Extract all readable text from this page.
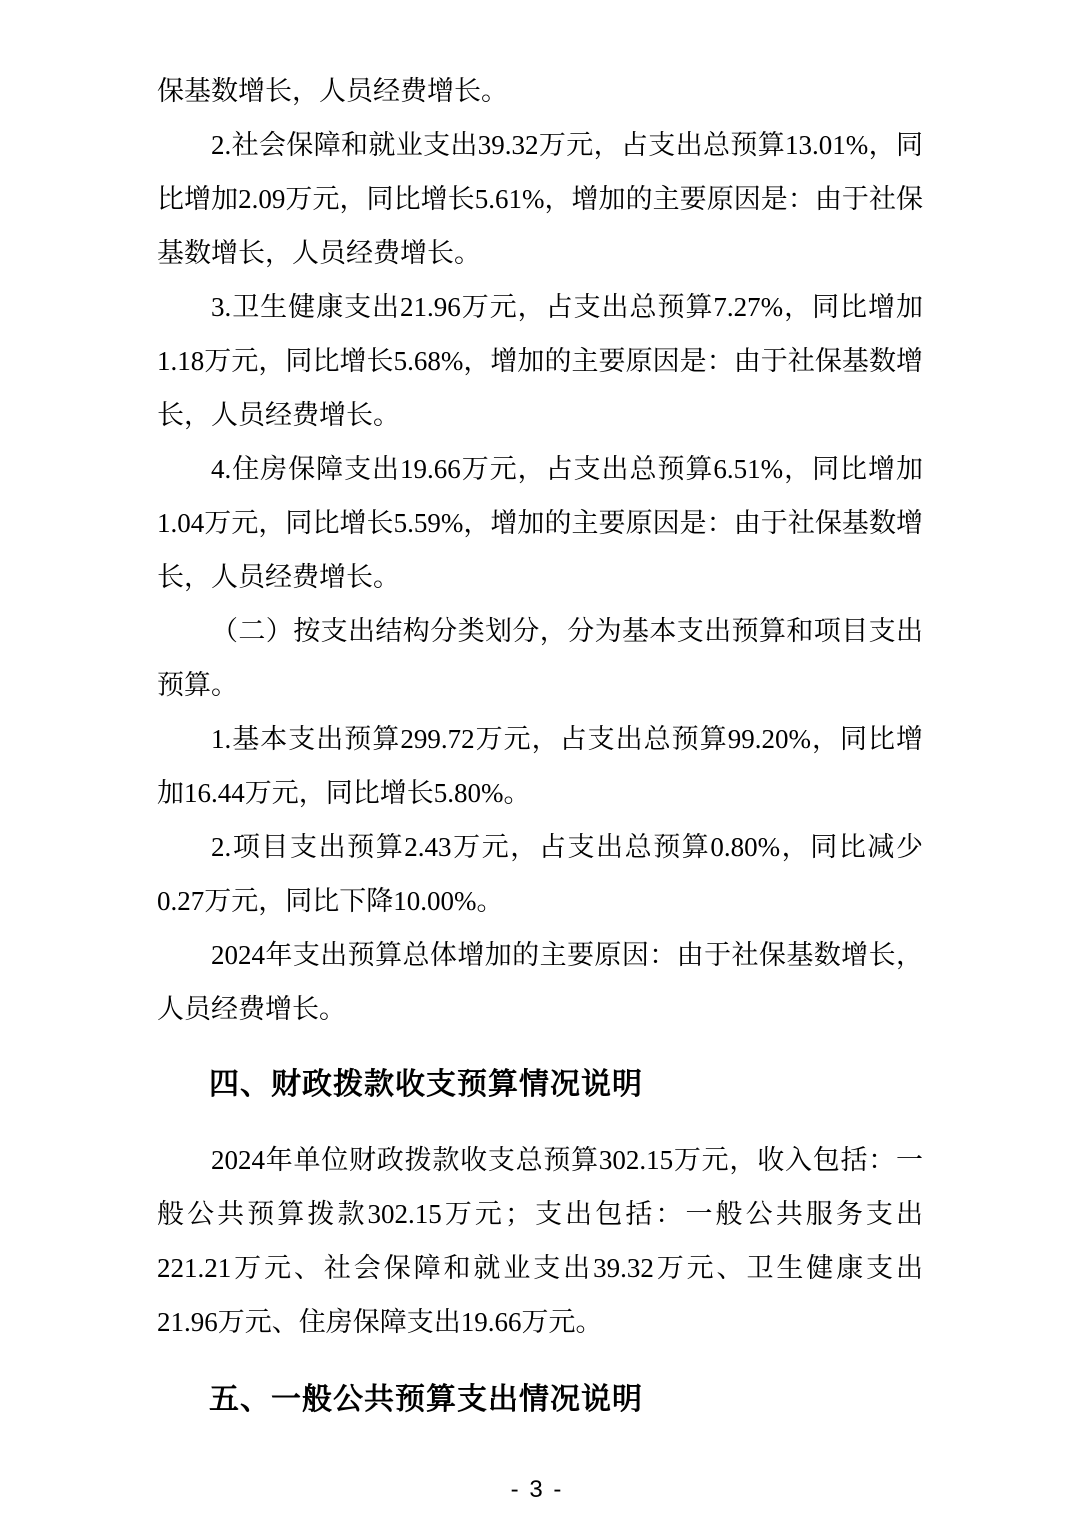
保基数增长，人员经费增长。
2.社会保障和就业支出39.32万元，占支出总预算13.01%，同
比增加2.09万元，同比增长5.61%，增加的主要原因是：由于社保
基数增长，人员经费增长。
3.卫生健康支出21.96万元，占支出总预算7.27%，同比增加
1.18万元，同比增长5.68%，增加的主要原因是：由于社保基数增
长，人员经费增长。
4.住房保障支出19.66万元，占支出总预算6.51%，同比增加
1.04万元，同比增长5.59%，增加的主要原因是：由于社保基数增
长，人员经费增长。
（二）按支出结构分类划分，分为基本支出预算和项目支出
预算。
1.基本支出预算299.72万元，占支出总预算99.20%，同比增
加16.44万元，同比增长5.80%。
2.项目支出预算2.43万元，占支出总预算0.80%，同比减少
0.27万元，同比下降10.00%。
2024年支出预算总体增加的主要原因：由于社保基数增长，
人员经费增长。
四、财政拨款收支预算情况说明
2024年单位财政拨款收支总预算302.15万元，收入包括：一
般公共预算拨款302.15万元；支出包括：一般公共服务支出
221.21万元、社会保障和就业支出39.32万元、卫生健康支出
21.96万元、住房保障支出19.66万元。
五、一般公共预算支出情况说明
- 3 -
